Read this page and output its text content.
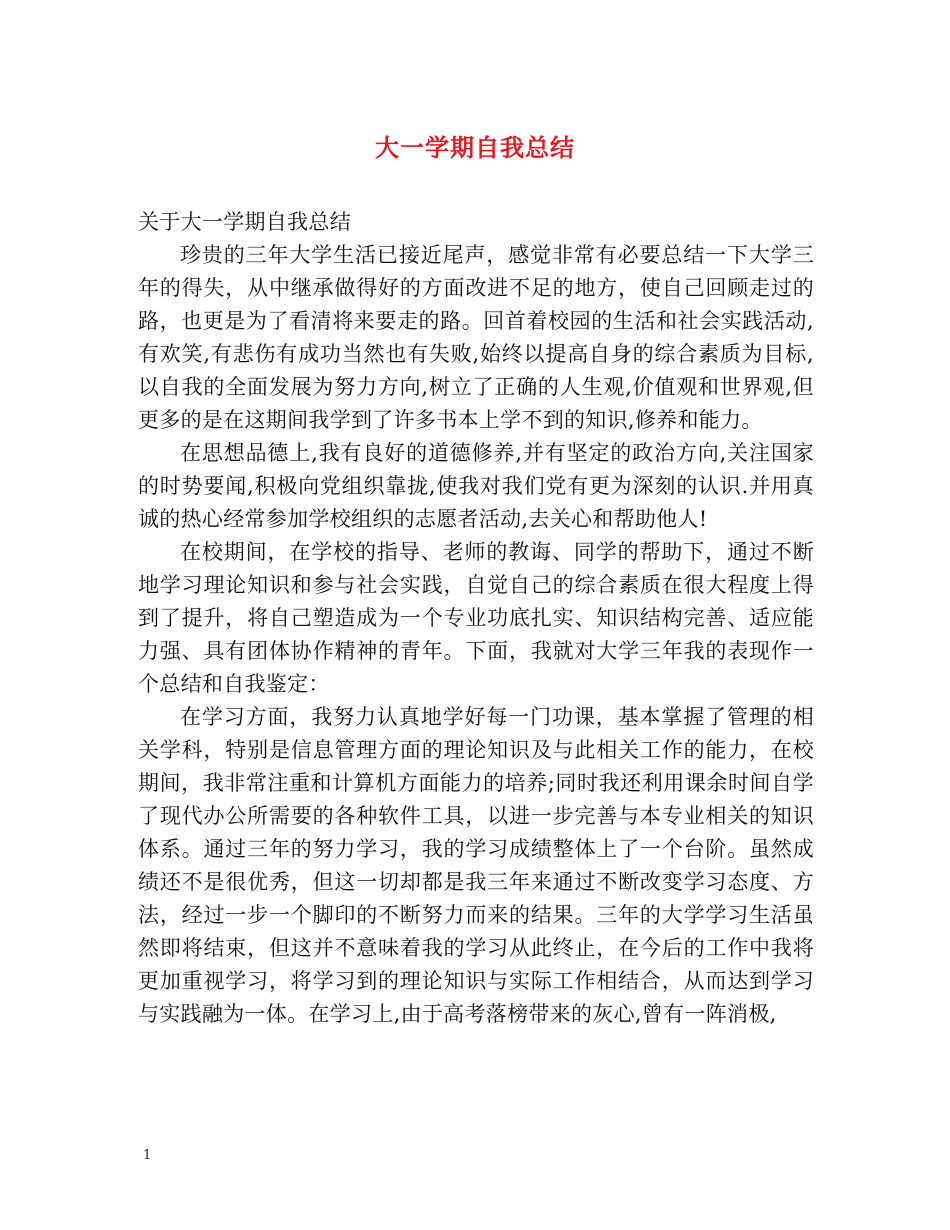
大一学期自我总结

关于大一学期自我总结

珍贵的三年大学生活已接近尾声，感觉非常有必要总结一下大学三年的得失，从中继承做得好的方面改进不足的地方，使自己回顾走过的路，也更是为了看清将来要走的路。回首着校园的生活和社会实践活动,有欢笑,有悲伤有成功当然也有失败,始终以提高自身的综合素质为目标,以自我的全面发展为努力方向,树立了正确的人生观,价值观和世界观,但更多的是在这期间我学到了许多书本上学不到的知识,修养和能力。

在思想品德上,我有良好的道德修养,并有坚定的政治方向,关注国家的时势要闻,积极向党组织靠拢,使我对我们党有更为深刻的认识.并用真诚的热心经常参加学校组织的志愿者活动,去关心和帮助他人!

在校期间，在学校的指导、老师的教诲、同学的帮助下，通过不断地学习理论知识和参与社会实践，自觉自己的综合素质在很大程度上得到了提升，将自己塑造成为一个专业功底扎实、知识结构完善、适应能力强、具有团体协作精神的青年。下面，我就对大学三年我的表现作一个总结和自我鉴定：

在学习方面，我努力认真地学好每一门功课，基本掌握了管理的相关学科，特别是信息管理方面的理论知识及与此相关工作的能力，在校期间，我非常注重和计算机方面能力的培养;同时我还利用课余时间自学了现代办公所需要的各种软件工具，以进一步完善与本专业相关的知识体系。通过三年的努力学习，我的学习成绩整体上了一个台阶。虽然成绩还不是很优秀，但这一切却都是我三年来通过不断改变学习态度、方法，经过一步一个脚印的不断努力而来的结果。三年的大学学习生活虽然即将结束，但这并不意味着我的学习从此终止，在今后的工作中我将更加重视学习，将学习到的理论知识与实际工作相结合，从而达到学习与实践融为一体。在学习上,由于高考落榜带来的灰心,曾有一阵消极,

1
